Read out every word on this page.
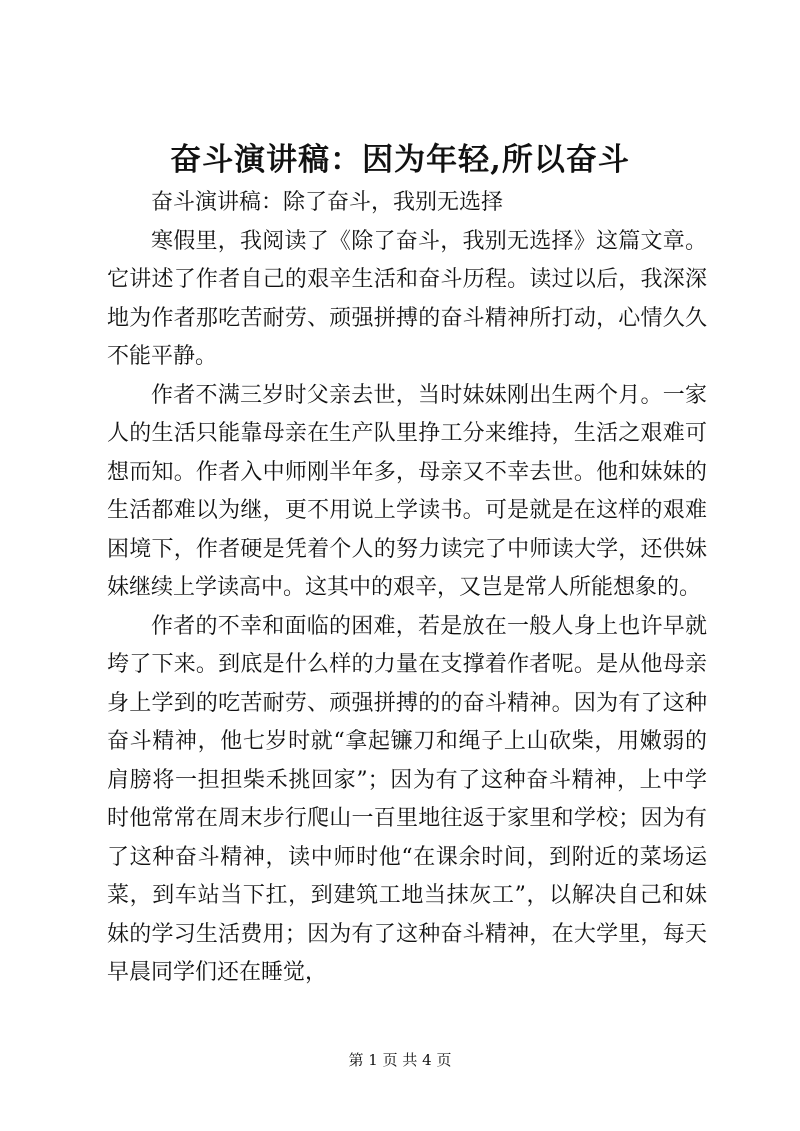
奋斗演讲稿：因为年轻,所以奋斗

奋斗演讲稿：除了奋斗，我别无选择

寒假里，我阅读了《除了奋斗，我别无选择》这篇文章。它讲述了作者自己的艰辛生活和奋斗历程。读过以后，我深深地为作者那吃苦耐劳、顽强拼搏的奋斗精神所打动，心情久久不能平静。

作者不满三岁时父亲去世，当时妹妹刚出生两个月。一家人的生活只能靠母亲在生产队里挣工分来维持，生活之艰难可想而知。作者入中师刚半年多，母亲又不幸去世。他和妹妹的生活都难以为继，更不用说上学读书。可是就是在这样的艰难困境下，作者硬是凭着个人的努力读完了中师读大学，还供妹妹继续上学读高中。这其中的艰辛，又岂是常人所能想象的。

作者的不幸和面临的困难，若是放在一般人身上也许早就垮了下来。到底是什么样的力量在支撑着作者呢。是从他母亲身上学到的吃苦耐劳、顽强拼搏的的奋斗精神。因为有了这种奋斗精神，他七岁时就“拿起镰刀和绳子上山砍柴，用嫩弱的肩膀将一担担柴禾挑回家”；因为有了这种奋斗精神，上中学时他常常在周末步行爬山一百里地往返于家里和学校；因为有了这种奋斗精神，读中师时他“在课余时间，到附近的菜场运菜，到车站当下扛，到建筑工地当抹灰工”，以解决自己和妹妹的学习生活费用；因为有了这种奋斗精神，在大学里，每天早晨同学们还在睡觉，

第 1 页 共 4 页
